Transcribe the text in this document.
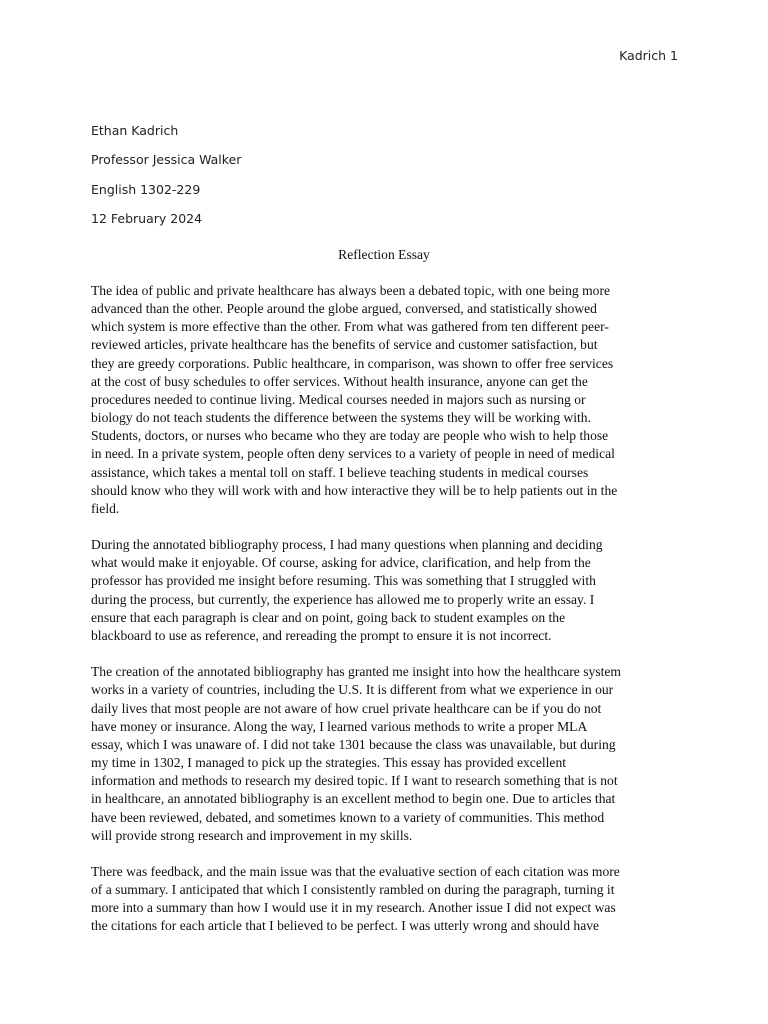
Kadrich 1
Ethan Kadrich
Professor Jessica Walker
English 1302-229
12 February 2024
Reflection Essay

The idea of public and private healthcare has always been a debated topic, with one being more
advanced than the other. People around the globe argued, conversed, and statistically showed
which system is more effective than the other. From what was gathered from ten different peer-
reviewed articles, private healthcare has the benefits of service and customer satisfaction, but
they are greedy corporations. Public healthcare, in comparison, was shown to offer free services
at the cost of busy schedules to offer services. Without health insurance, anyone can get the
procedures needed to continue living. Medical courses needed in majors such as nursing or
biology do not teach students the difference between the systems they will be working with.
Students, doctors, or nurses who became who they are today are people who wish to help those
in need. In a private system, people often deny services to a variety of people in need of medical
assistance, which takes a mental toll on staff. I believe teaching students in medical courses
should know who they will work with and how interactive they will be to help patients out in the
field.

During the annotated bibliography process, I had many questions when planning and deciding
what would make it enjoyable. Of course, asking for advice, clarification, and help from the
professor has provided me insight before resuming. This was something that I struggled with
during the process, but currently, the experience has allowed me to properly write an essay. I
ensure that each paragraph is clear and on point, going back to student examples on the
blackboard to use as reference, and rereading the prompt to ensure it is not incorrect.

The creation of the annotated bibliography has granted me insight into how the healthcare system
works in a variety of countries, including the U.S. It is different from what we experience in our
daily lives that most people are not aware of how cruel private healthcare can be if you do not
have money or insurance. Along the way, I learned various methods to write a proper MLA
essay, which I was unaware of. I did not take 1301 because the class was unavailable, but during
my time in 1302, I managed to pick up the strategies. This essay has provided excellent
information and methods to research my desired topic. If I want to research something that is not
in healthcare, an annotated bibliography is an excellent method to begin one. Due to articles that
have been reviewed, debated, and sometimes known to a variety of communities. This method
will provide strong research and improvement in my skills.

There was feedback, and the main issue was that the evaluative section of each citation was more
of a summary. I anticipated that which I consistently rambled on during the paragraph, turning it
more into a summary than how I would use it in my research. Another issue I did not expect was
the citations for each article that I believed to be perfect. I was utterly wrong and should have
